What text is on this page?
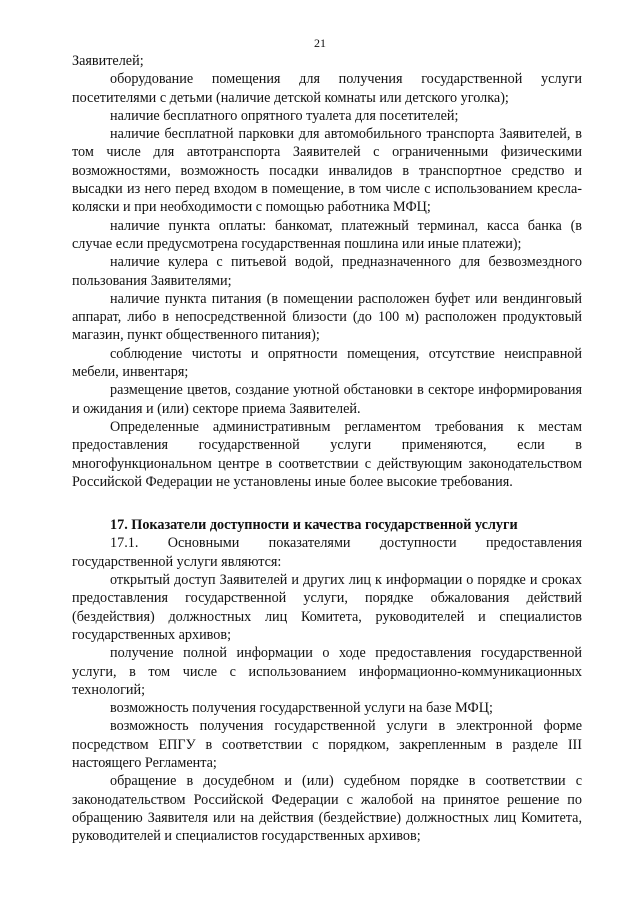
21

Заявителей;

оборудование помещения для получения государственной услуги посетителями с детьми (наличие детской комнаты или детского уголка);

наличие бесплатного опрятного туалета для посетителей;

наличие бесплатной парковки для автомобильного транспорта Заявителей, в том числе для автотранспорта Заявителей с ограниченными физическими возможностями, возможность посадки инвалидов в транспортное средство и высадки из него перед входом в помещение, в том числе с использованием кресла-коляски и при необходимости с помощью работника МФЦ;

наличие пункта оплаты: банкомат, платежный терминал, касса банка (в случае если предусмотрена государственная пошлина или иные платежи);

наличие кулера с питьевой водой, предназначенного для безвозмездного пользования Заявителями;

наличие пункта питания (в помещении расположен буфет или вендинговый аппарат, либо в непосредственной близости (до 100 м) расположен продуктовый магазин, пункт общественного питания);

соблюдение чистоты и опрятности помещения, отсутствие неисправной мебели, инвентаря;

размещение цветов, создание уютной обстановки в секторе информирования и ожидания и (или) секторе приема Заявителей.

Определенные административным регламентом требования к местам предоставления государственной услуги применяются, если в многофункциональном центре в соответствии с действующим законодательством Российской Федерации не установлены иные более высокие требования.

17. Показатели доступности и качества государственной услуги

17.1. Основными показателями доступности предоставления государственной услуги являются:

открытый доступ Заявителей и других лиц к информации о порядке и сроках предоставления государственной услуги, порядке обжалования действий (бездействия) должностных лиц Комитета, руководителей и специалистов государственных архивов;

получение полной информации о ходе предоставления государственной услуги, в том числе с использованием информационно-коммуникационных технологий;

возможность получения государственной услуги на базе МФЦ;

возможность получения государственной услуги в электронной форме посредством ЕПГУ в соответствии с порядком, закрепленным в разделе III настоящего Регламента;

обращение в досудебном и (или) судебном порядке в соответствии с законодательством Российской Федерации с жалобой на принятое решение по обращению Заявителя или на действия (бездействие) должностных лиц Комитета, руководителей и специалистов государственных архивов;
